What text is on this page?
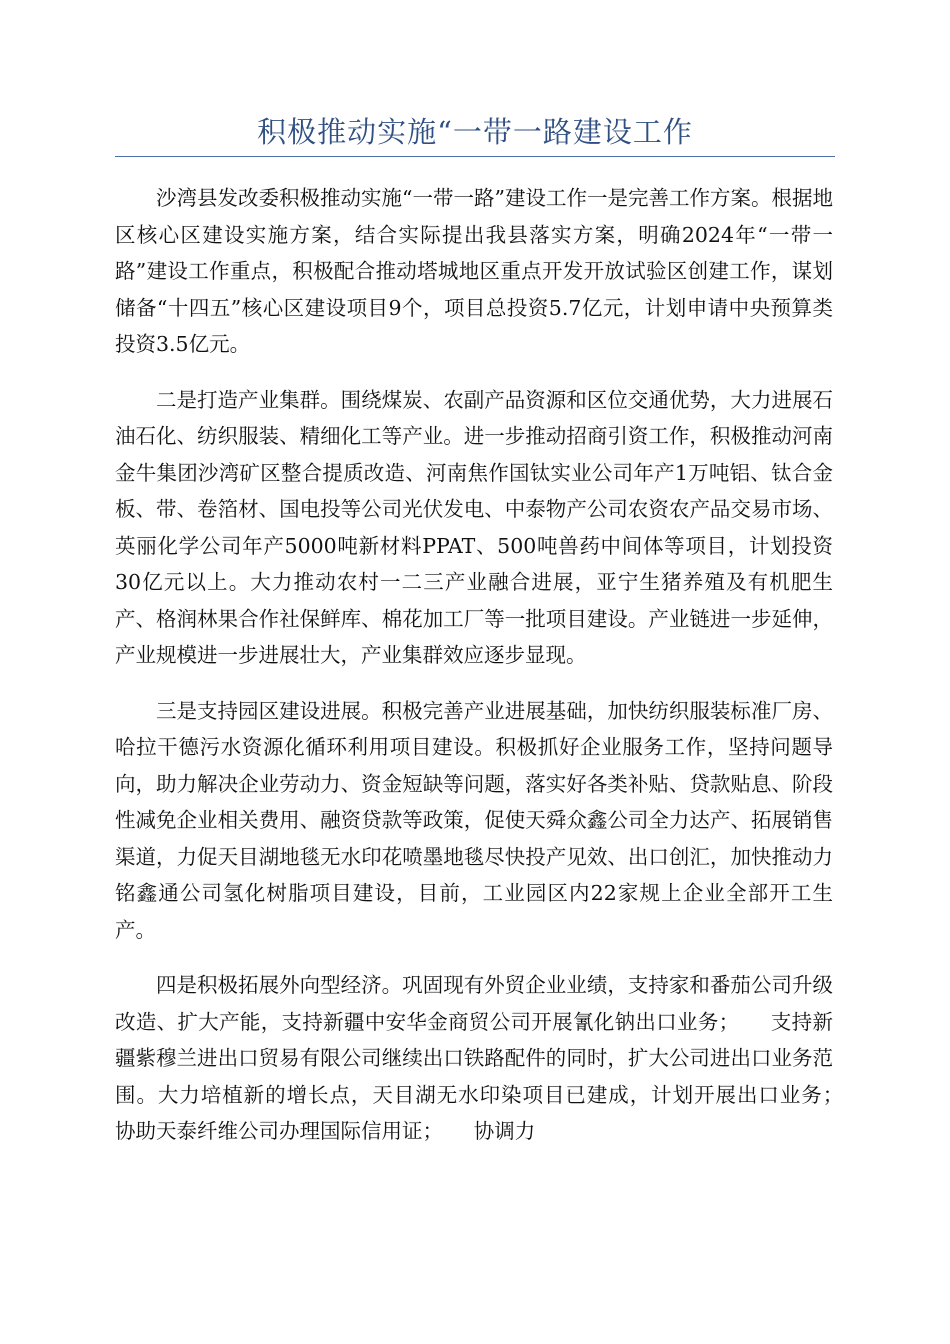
积极推动实施“一带一路建设工作

沙湾县发改委积极推动实施“一带一路”建设工作一是完善工作方案。根据地区核心区建设实施方案，结合实际提出我县落实方案，明确2024年“一带一路”建设工作重点，积极配合推动塔城地区重点开发开放试验区创建工作，谋划储备“十四五”核心区建设项目9个，项目总投资5.7亿元，计划申请中央预算类投资3.5亿元。

二是打造产业集群。围绕煤炭、农副产品资源和区位交通优势，大力进展石油石化、纺织服装、精细化工等产业。进一步推动招商引资工作，积极推动河南金牛集团沙湾矿区整合提质改造、河南焦作国钛实业公司年产1万吨铝、钛合金板、带、卷箔材、国电投等公司光伏发电、中泰物产公司农资农产品交易市场、英丽化学公司年产5000吨新材料PPAT、500吨兽药中间体等项目，计划投资30亿元以上。大力推动农村一二三产业融合进展，亚宁生猪养殖及有机肥生产、格润林果合作社保鲜库、棉花加工厂等一批项目建设。产业链进一步延伸，产业规模进一步进展壮大，产业集群效应逐步显现。

三是支持园区建设进展。积极完善产业进展基础，加快纺织服装标准厂房、哈拉干德污水资源化循环利用项目建设。积极抓好企业服务工作，坚持问题导向，助力解决企业劳动力、资金短缺等问题，落实好各类补贴、贷款贴息、阶段性减免企业相关费用、融资贷款等政策，促使天舜众鑫公司全力达产、拓展销售渠道，力促天目湖地毯无水印花喷墨地毯尽快投产见效、出口创汇，加快推动力铭鑫通公司氢化树脂项目建设，目前，工业园区内22家规上企业全部开工生产。

四是积极拓展外向型经济。巩固现有外贸企业业绩，支持家和番茄公司升级改造、扩大产能，支持新疆中安华金商贸公司开展氰化钠出口业务；　　支持新疆紫穆兰进出口贸易有限公司继续出口铁路配件的同时，扩大公司进出口业务范围。大力培植新的增长点，天目湖无水印染项目已建成，计划开展出口业务；　　协助天泰纤维公司办理国际信用证；　　协调力
